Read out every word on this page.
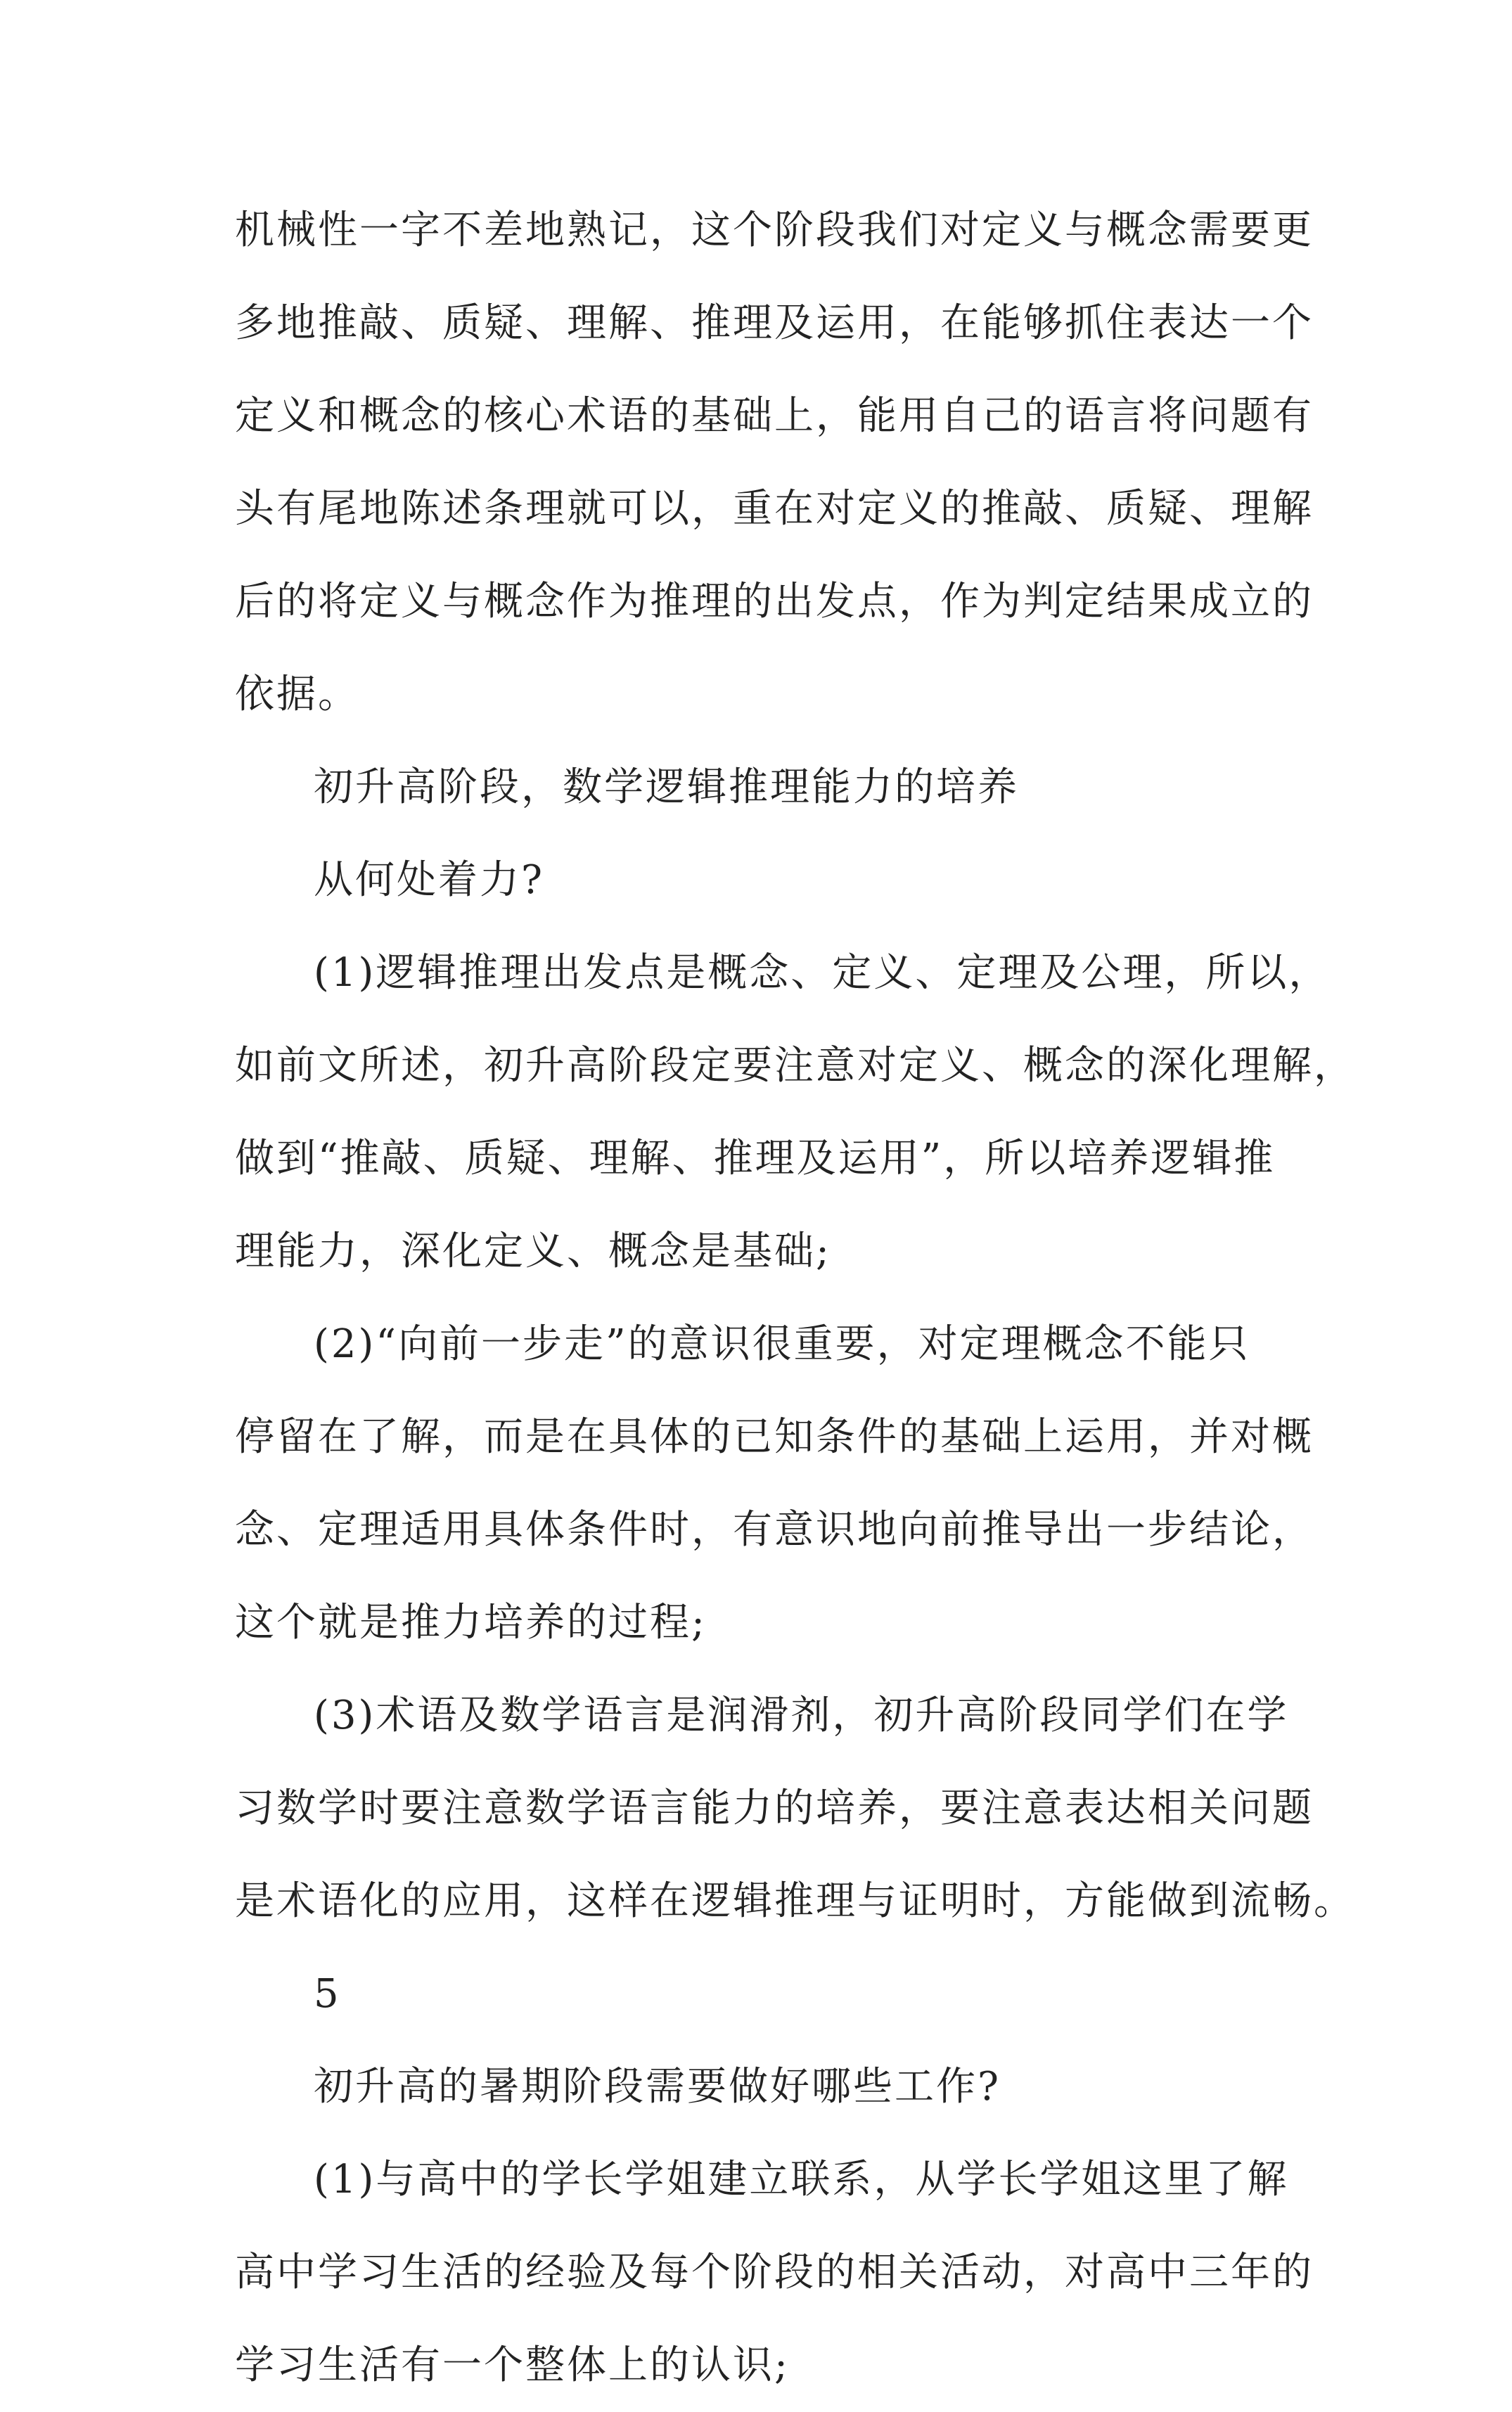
机械性一字不差地熟记，这个阶段我们对定义与概念需要更
多地推敲、质疑、理解、推理及运用，在能够抓住表达一个
定义和概念的核心术语的基础上，能用自己的语言将问题有
头有尾地陈述条理就可以，重在对定义的推敲、质疑、理解
后的将定义与概念作为推理的出发点，作为判定结果成立的
依据。
初升高阶段，数学逻辑推理能力的培养
从何处着力?
(1)逻辑推理出发点是概念、定义、定理及公理，所以，
如前文所述，初升高阶段定要注意对定义、概念的深化理解，
做到“推敲、质疑、理解、推理及运用”，所以培养逻辑推
理能力，深化定义、概念是基础;
(2)“向前一步走”的意识很重要，对定理概念不能只
停留在了解，而是在具体的已知条件的基础上运用，并对概
念、定理适用具体条件时，有意识地向前推导出一步结论，
这个就是推力培养的过程;
(3)术语及数学语言是润滑剂，初升高阶段同学们在学
习数学时要注意数学语言能力的培养，要注意表达相关问题
是术语化的应用，这样在逻辑推理与证明时，方能做到流畅。
5
初升高的暑期阶段需要做好哪些工作?
(1)与高中的学长学姐建立联系，从学长学姐这里了解
高中学习生活的经验及每个阶段的相关活动，对高中三年的
学习生活有一个整体上的认识;
